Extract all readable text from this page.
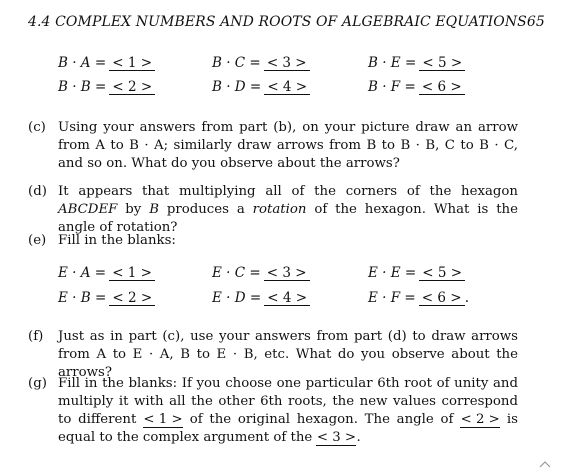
4.4 COMPLEX NUMBERS AND ROOTS OF ALGEBRAIC EQUATIONS65
B · A = < 1 >	B · C = < 3 >	B · E = < 5 >
B · B = < 2 >	B · D = < 4 >	B · F = < 6 >
(c) Using your answers from part (b), on your picture draw an arrow from A to B · A; similarly draw arrows from B to B · B, C to B · C, and so on. What do you observe about the arrows?
(d) It appears that multiplying all of the corners of the hexagon ABCDEF by B produces a rotation of the hexagon. What is the angle of rotation?
(e) Fill in the blanks:
E · A = < 1 >	E · C = < 3 >	E · E = < 5 >
E · B = < 2 >	E · D = < 4 >	E · F = < 6 > .
(f) Just as in part (c), use your answers from part (d) to draw arrows from A to E · A, B to E · B, etc. What do you observe about the arrows?
(g) Fill in the blanks: If you choose one particular 6th root of unity and multiply it with all the other 6th roots, the new values correspond to different < 1 > of the original hexagon. The angle of < 2 > is equal to the complex argument of the < 3 >.
